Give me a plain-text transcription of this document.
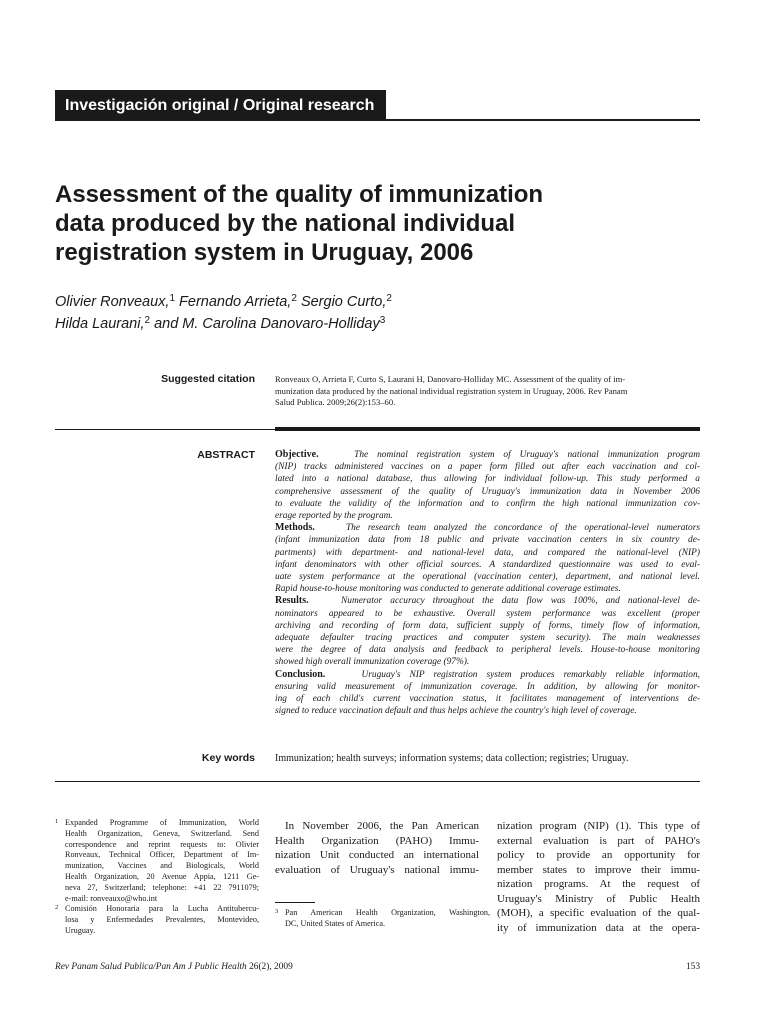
Investigación original / Original research
Assessment of the quality of immunization
data produced by the national individual
registration system in Uruguay, 2006
Olivier Ronveaux,$^1$ Fernando Arrieta,$^2$ Sergio Curto,$^2$
Hilda Laurani,$^2$ and M. Carolina Danovaro-Holliday$^3$
Suggested citation Ronveaux O, Arrieta F, Curto S, Laurani H, Danovaro-Holliday MC. Assessment of the quality of im-
munization data produced by the national individual registration system in Uruguay, 2006. Rev Panam
Salud Publica. 2009;26(2):153–60.
ABSTRACT Objective.	The nominal registration system of Uruguay's national immunization program
(NIP) tracks administered vaccines on a paper form filled out after each vaccination and col-
lated into a national database, thus allowing for individual follow-up. This study performed a
comprehensive assessment of the quality of Uruguay's immunization data in November 2006
to evaluate the validity of the information and to confirm the high national immunization cov-
erage reported by the program.
Methods.	The research team analyzed the concordance of the operational-level numerators
(infant immunization data from 18 public and private vaccination centers in six country de-
partments) with department- and national-level data, and compared the national-level (NIP)
infant denominators with other official sources. A standardized questionnaire was used to eval-
uate system performance at the operational (vaccination center), department, and national level.
Rapid house-to-house monitoring was conducted to generate additional coverage estimates.
Results.	Numerator accuracy throughout the data flow was 100%, and national-level de-
nominators appeared to be exhaustive. Overall system performance was excellent (proper
archiving and recording of form data, sufficient supply of forms, timely flow of information,
adequate defaulter tracing practices and computer system security). The main weaknesses
were the degree of data analysis and feedback to peripheral levels. House-to-house monitoring
showed high overall immunization coverage (97%).
Conclusion.	Uruguay's NIP registration system produces remarkably reliable information,
ensuring valid measurement of immunization coverage. In addition, by allowing for monitor-
ing of each child's current vaccination status, it facilitates management of interventions de-
signed to reduce vaccination default and thus helps achieve the country's high level of coverage.
Key words Immunization; health surveys; information systems; data collection; registries; Uruguay.
1 Expanded Programme of Immunization, World
Health Organization, Geneva, Switzerland. Send
correspondence and reprint requests to: Olivier
Ronveaux, Technical Officer, Department of Im-
munization, Vaccines and Biologicals, World
Health Organization, 20 Avenue Appia, 1211 Ge-
neva 27, Switzerland; telephone: +41 22 7911079;
e-mail: ronveauxo@who.int
2 Comisión Honoraria para la Lucha Antitubercu-
losa y Enfermedades Prevalentes, Montevideo,
Uruguay.
In November 2006, the Pan American
Health Organization (PAHO) Immu-
nization Unit conducted an international
evaluation of Uruguay's national immu-
3 Pan American Health Organization, Washington,
DC, United States of America.
nization program (NIP) (1). This type of
external evaluation is part of PAHO's
policy to provide an opportunity for
member states to improve their immu-
nization programs. At the request of
Uruguay's Ministry of Public Health
(MOH), a specific evaluation of the qual-
ity of immunization data at the opera-
Rev Panam Salud Publica/Pan Am J Public Health 26(2), 2009	153
